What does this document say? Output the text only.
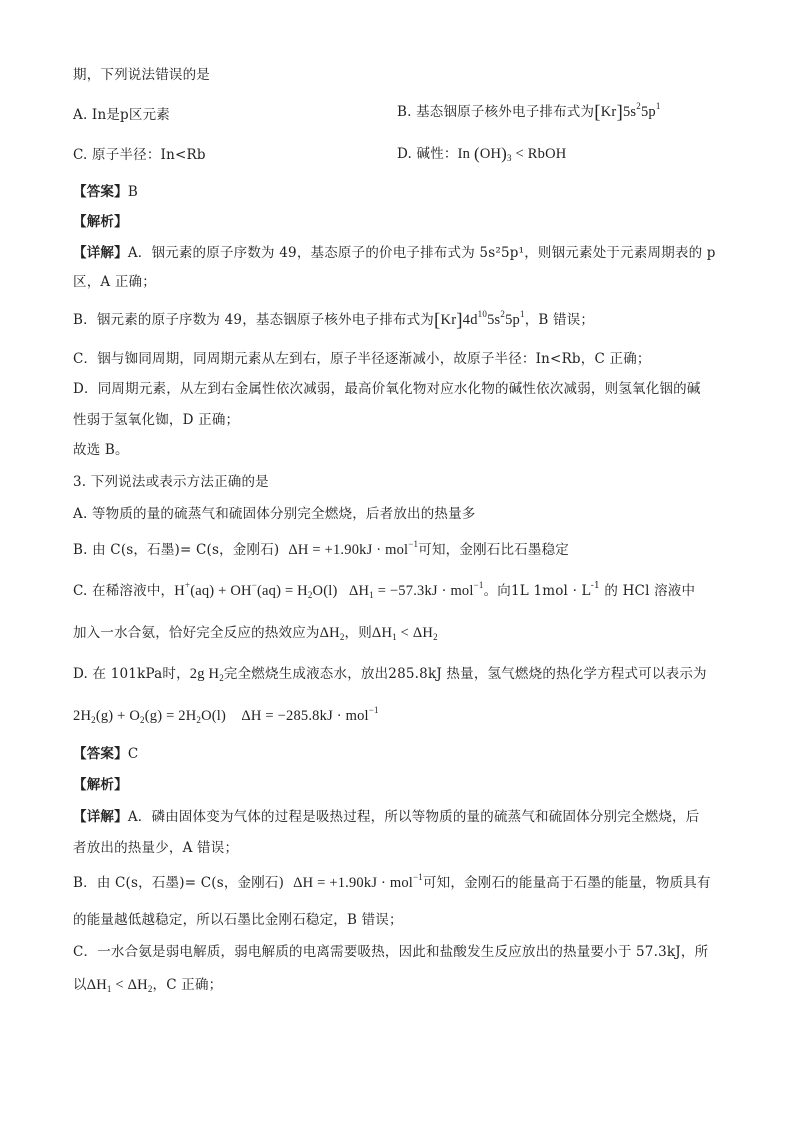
期，下列说法错误的是
A. In是p区元素	B. 基态铟原子核外电子排布式为$[Kr]5s^25p^1$
C. 原子半径：In<Rb	D. 碱性：In $(OH)_3$ < RbOH
【答案】B
【解析】
【详解】A．铟元素的原子序数为 49，基态原子的价电子排布式为 5s²5p¹，则铟元素处于元素周期表的 p
区，A 正确；
B．铟元素的原子序数为 49，基态铟原子核外电子排布式为$[Kr]4d^{10}5s^25p^1$，B 错误；
C．铟与铷同周期，同周期元素从左到右，原子半径逐渐减小，故原子半径：In<Rb，C 正确；
D．同周期元素，从左到右金属性依次减弱，最高价氧化物对应水化物的碱性依次减弱，则氢氧化铟的碱
性弱于氢氧化铷，D 正确；
故选 B。
3. 下列说法或表示方法正确的是
A. 等物质的量的硫蒸气和硫固体分别完全燃烧，后者放出的热量多
B. 由 C(s，石墨)= C(s，金刚石) ΔH = +1.90kJ · mol$^{-1}$可知，金刚石比石墨稳定
C. 在稀溶液中，$H^+(aq) + OH^-(aq) = H_2O(l) \Delta H_1 = -57.3kJ \cdot mol^{-1}$。向1L $1mol \cdot L^{-1}$ 的 HCl 溶液中
加入一水合氨，恰好完全反应的热效应为$\Delta H_2$，则$\Delta H_1 < \Delta H_2$
D. 在 101kPa时，2g $H_2$完全燃烧生成液态水，放出285.8kJ 热量，氢气燃烧的热化学方程式可以表示为
$2H_2(g) + O_2(g) = 2H_2O(l) \Delta H = -285.8kJ \cdot mol^{-1}$
【答案】C
【解析】
【详解】A．磷由固体变为气体的过程是吸热过程，所以等物质的量的硫蒸气和硫固体分别完全燃烧，后
者放出的热量少，A 错误；
B．由 C(s，石墨)= C(s，金刚石) ΔH = +1.90kJ · mol$^{-1}$可知，金刚石的能量高于石墨的能量，物质具有
的能量越低越稳定，所以石墨比金刚石稳定，B 错误；
C．一水合氨是弱电解质，弱电解质的电离需要吸热，因此和盐酸发生反应放出的热量要小于 57.3kJ，所
以$\Delta H_1 < \Delta H_2$，C 正确；
